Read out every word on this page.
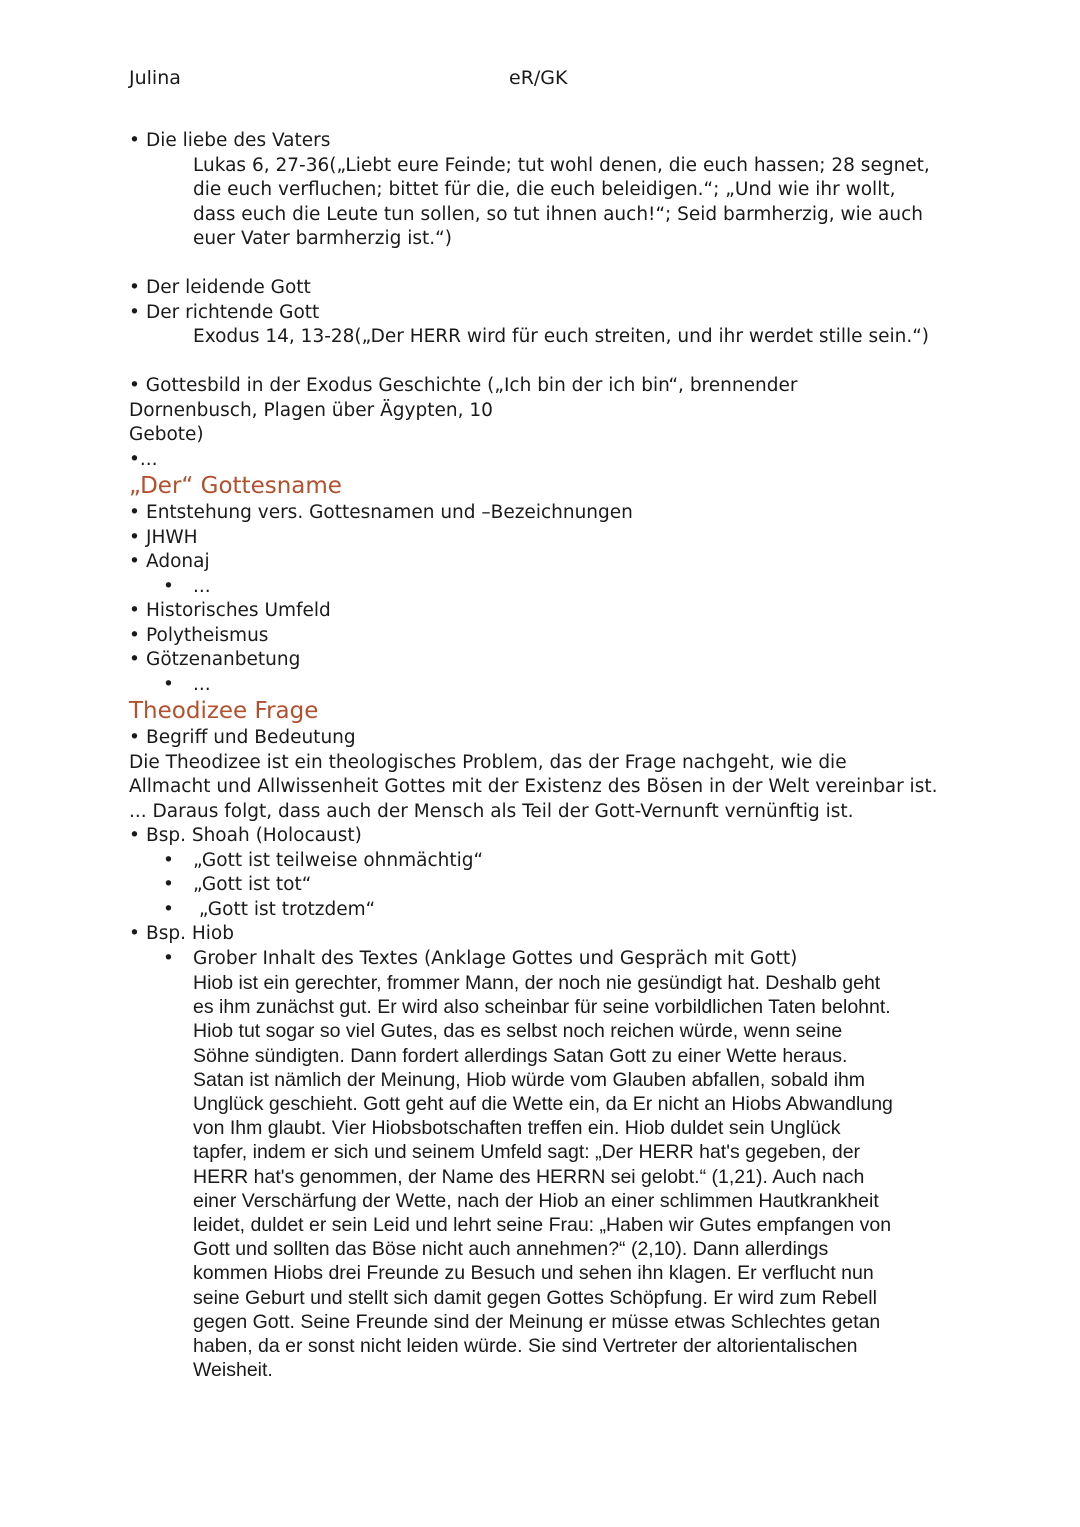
Julina	eR/GK
• Die liebe des Vaters
Lukas 6, 27-36(„Liebt eure Feinde; tut wohl denen, die euch hassen; 28 segnet,
die euch verfluchen; bittet für die, die euch beleidigen.“; „Und wie ihr wollt,
dass euch die Leute tun sollen, so tut ihnen auch!“; Seid barmherzig, wie auch
euer Vater barmherzig ist.“)
• Der leidende Gott
• Der richtende Gott
Exodus 14, 13-28(„Der HERR wird für euch streiten, und ihr werdet stille sein.“)
• Gottesbild in der Exodus Geschichte („Ich bin der ich bin“, brennender
Dornenbusch, Plagen über Ägypten, 10
Gebote)
•...
„Der“ Gottesname
• Entstehung vers. Gottesnamen und –Bezeichnungen
• JHWH
• Adonaj
• ...
• Historisches Umfeld
• Polytheismus
• Götzenanbetung
• ...
Theodizee Frage
• Begriff und Bedeutung
Die Theodizee ist ein theologisches Problem, das der Frage nachgeht, wie die
Allmacht und Allwissenheit Gottes mit der Existenz des Bösen in der Welt vereinbar ist.
... Daraus folgt, dass auch der Mensch als Teil der Gott-Vernunft vernünftig ist.
• Bsp. Shoah (Holocaust)
• „Gott ist teilweise ohnmächtig“
• „Gott ist tot“
• „Gott ist trotzdem“
• Bsp. Hiob
• Grober Inhalt des Textes (Anklage Gottes und Gespräch mit Gott)
Hiob ist ein gerechter, frommer Mann, der noch nie gesündigt hat. Deshalb geht
es ihm zunächst gut. Er wird also scheinbar für seine vorbildlichen Taten belohnt.
Hiob tut sogar so viel Gutes, das es selbst noch reichen würde, wenn seine
Söhne sündigten. Dann fordert allerdings Satan Gott zu einer Wette heraus.
Satan ist nämlich der Meinung, Hiob würde vom Glauben abfallen, sobald ihm
Unglück geschieht. Gott geht auf die Wette ein, da Er nicht an Hiobs Abwandlung
von Ihm glaubt. Vier Hiobsbotschaften treffen ein. Hiob duldet sein Unglück
tapfer, indem er sich und seinem Umfeld sagt: „Der HERR hat's gegeben, der
HERR hat's genommen, der Name des HERRN sei gelobt.“ (1,21). Auch nach
einer Verschärfung der Wette, nach der Hiob an einer schlimmen Hautkrankheit
leidet, duldet er sein Leid und lehrt seine Frau: „Haben wir Gutes empfangen von
Gott und sollten das Böse nicht auch annehmen?“ (2,10). Dann allerdings
kommen Hiobs drei Freunde zu Besuch und sehen ihn klagen. Er verflucht nun
seine Geburt und stellt sich damit gegen Gottes Schöpfung. Er wird zum Rebell
gegen Gott. Seine Freunde sind der Meinung er müsse etwas Schlechtes getan
haben, da er sonst nicht leiden würde. Sie sind Vertreter der altorientalischen
Weisheit.
